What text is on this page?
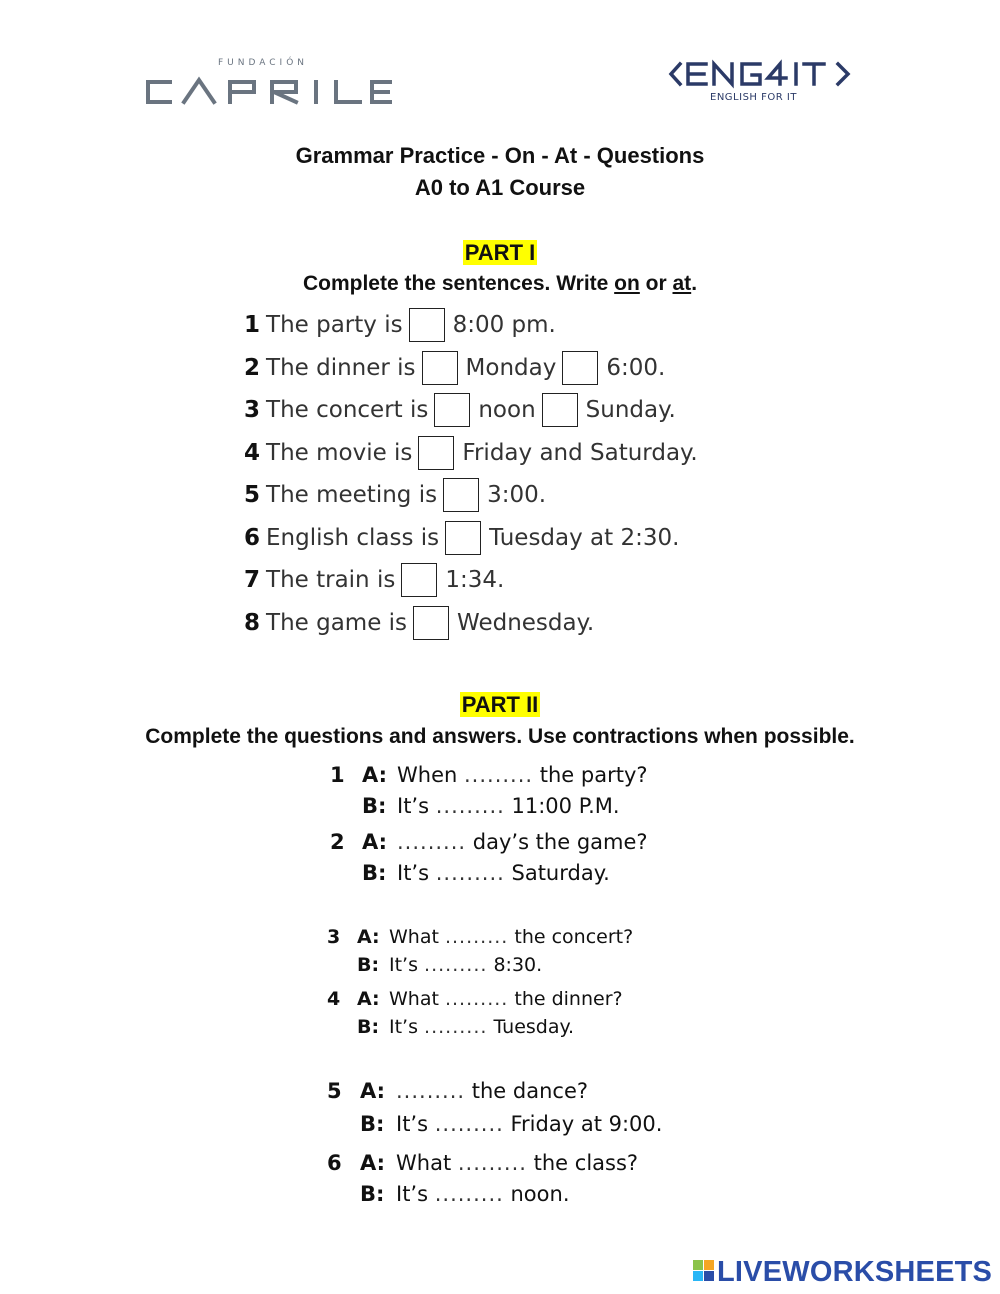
FUNDACIÓN
ENGLISH FOR IT
Grammar Practice - On - At - Questions
A0 to A1 Course
PART I
Complete the sentences. Write on or at.
1 The party is 8:00 pm.
2 The dinner is Monday 6:00.
3 The concert is noon Sunday.
4 The movie is Friday and Saturday.
5 The meeting is 3:00.
6 English class is Tuesday at 2:30.
7 The train is 1:34.
8 The game is Wednesday.
PART II
Complete the questions and answers. Use contractions when possible.
1 A: When ......... the party?
B: It’s ......... 11:00 P.M.
2 A: ......... day’s the game?
B: It’s ......... Saturday.
3 A: What ......... the concert?
B: It’s ......... 8:30.
4 A: What ......... the dinner?
B: It’s ......... Tuesday.
5 A: ......... the dance?
B: It’s ......... Friday at 9:00.
6 A: What ......... the class?
B: It’s ......... noon.
LIVEWORKSHEETS
